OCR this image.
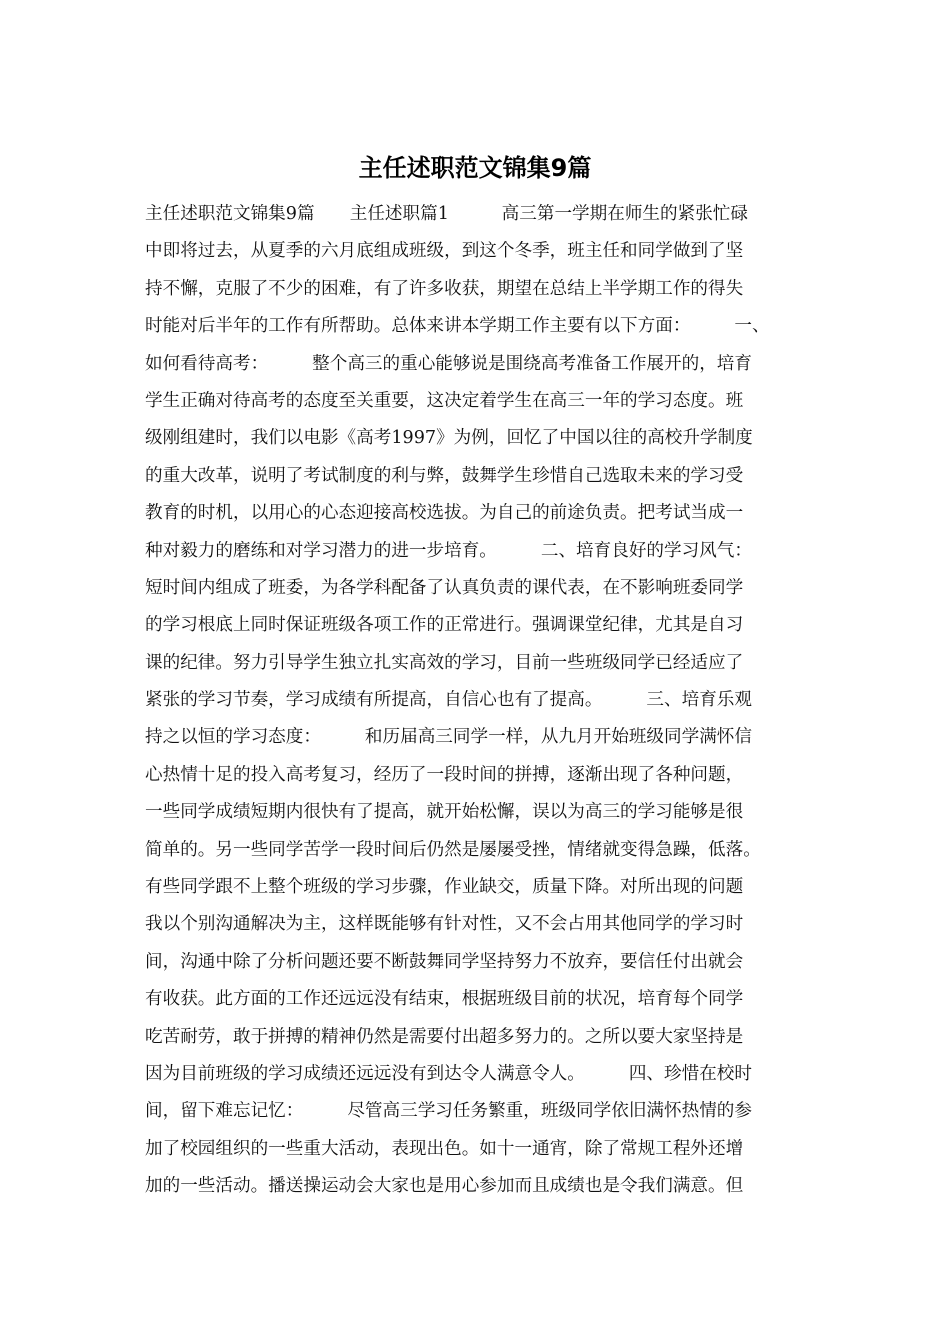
主任述职范文锦集9篇
主任述职范文锦集9篇　　主任述职篇1　　　高三第一学期在师生的紧张忙碌
中即将过去，从夏季的六月底组成班级，到这个冬季，班主任和同学做到了坚
持不懈，克服了不少的困难，有了许多收获，期望在总结上半学期工作的得失
时能对后半年的工作有所帮助。总体来讲本学期工作主要有以下方面：　　　一、
如何看待高考：　　　整个高三的重心能够说是围绕高考准备工作展开的，培育
学生正确对待高考的态度至关重要，这决定着学生在高三一年的学习态度。班
级刚组建时，我们以电影《高考1997》为例，回忆了中国以往的高校升学制度
的重大改革，说明了考试制度的利与弊，鼓舞学生珍惜自己选取未来的学习受
教育的时机，以用心的心态迎接高校选拔。为自己的前途负责。把考试当成一
种对毅力的磨练和对学习潜力的进一步培育。　　　二、培育良好的学习风气：
短时间内组成了班委，为各学科配备了认真负责的课代表，在不影响班委同学
的学习根底上同时保证班级各项工作的正常进行。强调课堂纪律，尤其是自习
课的纪律。努力引导学生独立扎实高效的学习，目前一些班级同学已经适应了
紧张的学习节奏，学习成绩有所提高，自信心也有了提高。　　　三、培育乐观
持之以恒的学习态度：　　　和历届高三同学一样，从九月开始班级同学满怀信
心热情十足的投入高考复习，经历了一段时间的拼搏，逐渐出现了各种问题，
一些同学成绩短期内很快有了提高，就开始松懈，误以为高三的学习能够是很
简单的。另一些同学苦学一段时间后仍然是屡屡受挫，情绪就变得急躁，低落。
有些同学跟不上整个班级的学习步骤，作业缺交，质量下降。对所出现的问题
我以个别沟通解决为主，这样既能够有针对性，又不会占用其他同学的学习时
间，沟通中除了分析问题还要不断鼓舞同学坚持努力不放弃，要信任付出就会
有收获。此方面的工作还远远没有结束，根据班级目前的状况，培育每个同学
吃苦耐劳，敢于拼搏的精神仍然是需要付出超多努力的。之所以要大家坚持是
因为目前班级的学习成绩还远远没有到达令人满意令人。　　　四、珍惜在校时
间，留下难忘记忆：　　　尽管高三学习任务繁重，班级同学依旧满怀热情的参
加了校园组织的一些重大活动，表现出色。如十一通宵，除了常规工程外还增
加的一些活动。播送操运动会大家也是用心参加而且成绩也是令我们满意。但
